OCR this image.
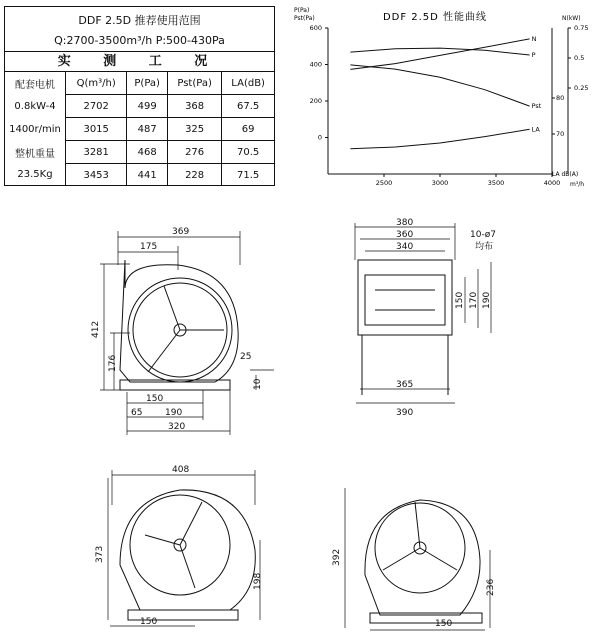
DDF 2.5D 推荐使用范围
Q:2700-3500m³/h P:500-430Pa
实 测 工 况
配套电机	Q(m³/h)	P(Pa)	Pst(Pa)	LA(dB)
0.8kW-4	2702	499	368	67.5
1400r/min	3015	487	325	69
整机重量	3281	468	276	70.5
23.5Kg	3453	441	228	71.5
DDF 2.5D 性能曲线
P(Pa)
Pst(Pa)	N(kW)
LA dB(A)
m³/h
2500	3000	3500	4000
600
400
200
0
0.75
0.5
0.25
80
70
N
P
Pst
LA
369
175
412
176	25
10
150
65	190
320
380
360
340
10-ø7
均布
150 170 190
365
390
408
373
198
150
392
236
150
